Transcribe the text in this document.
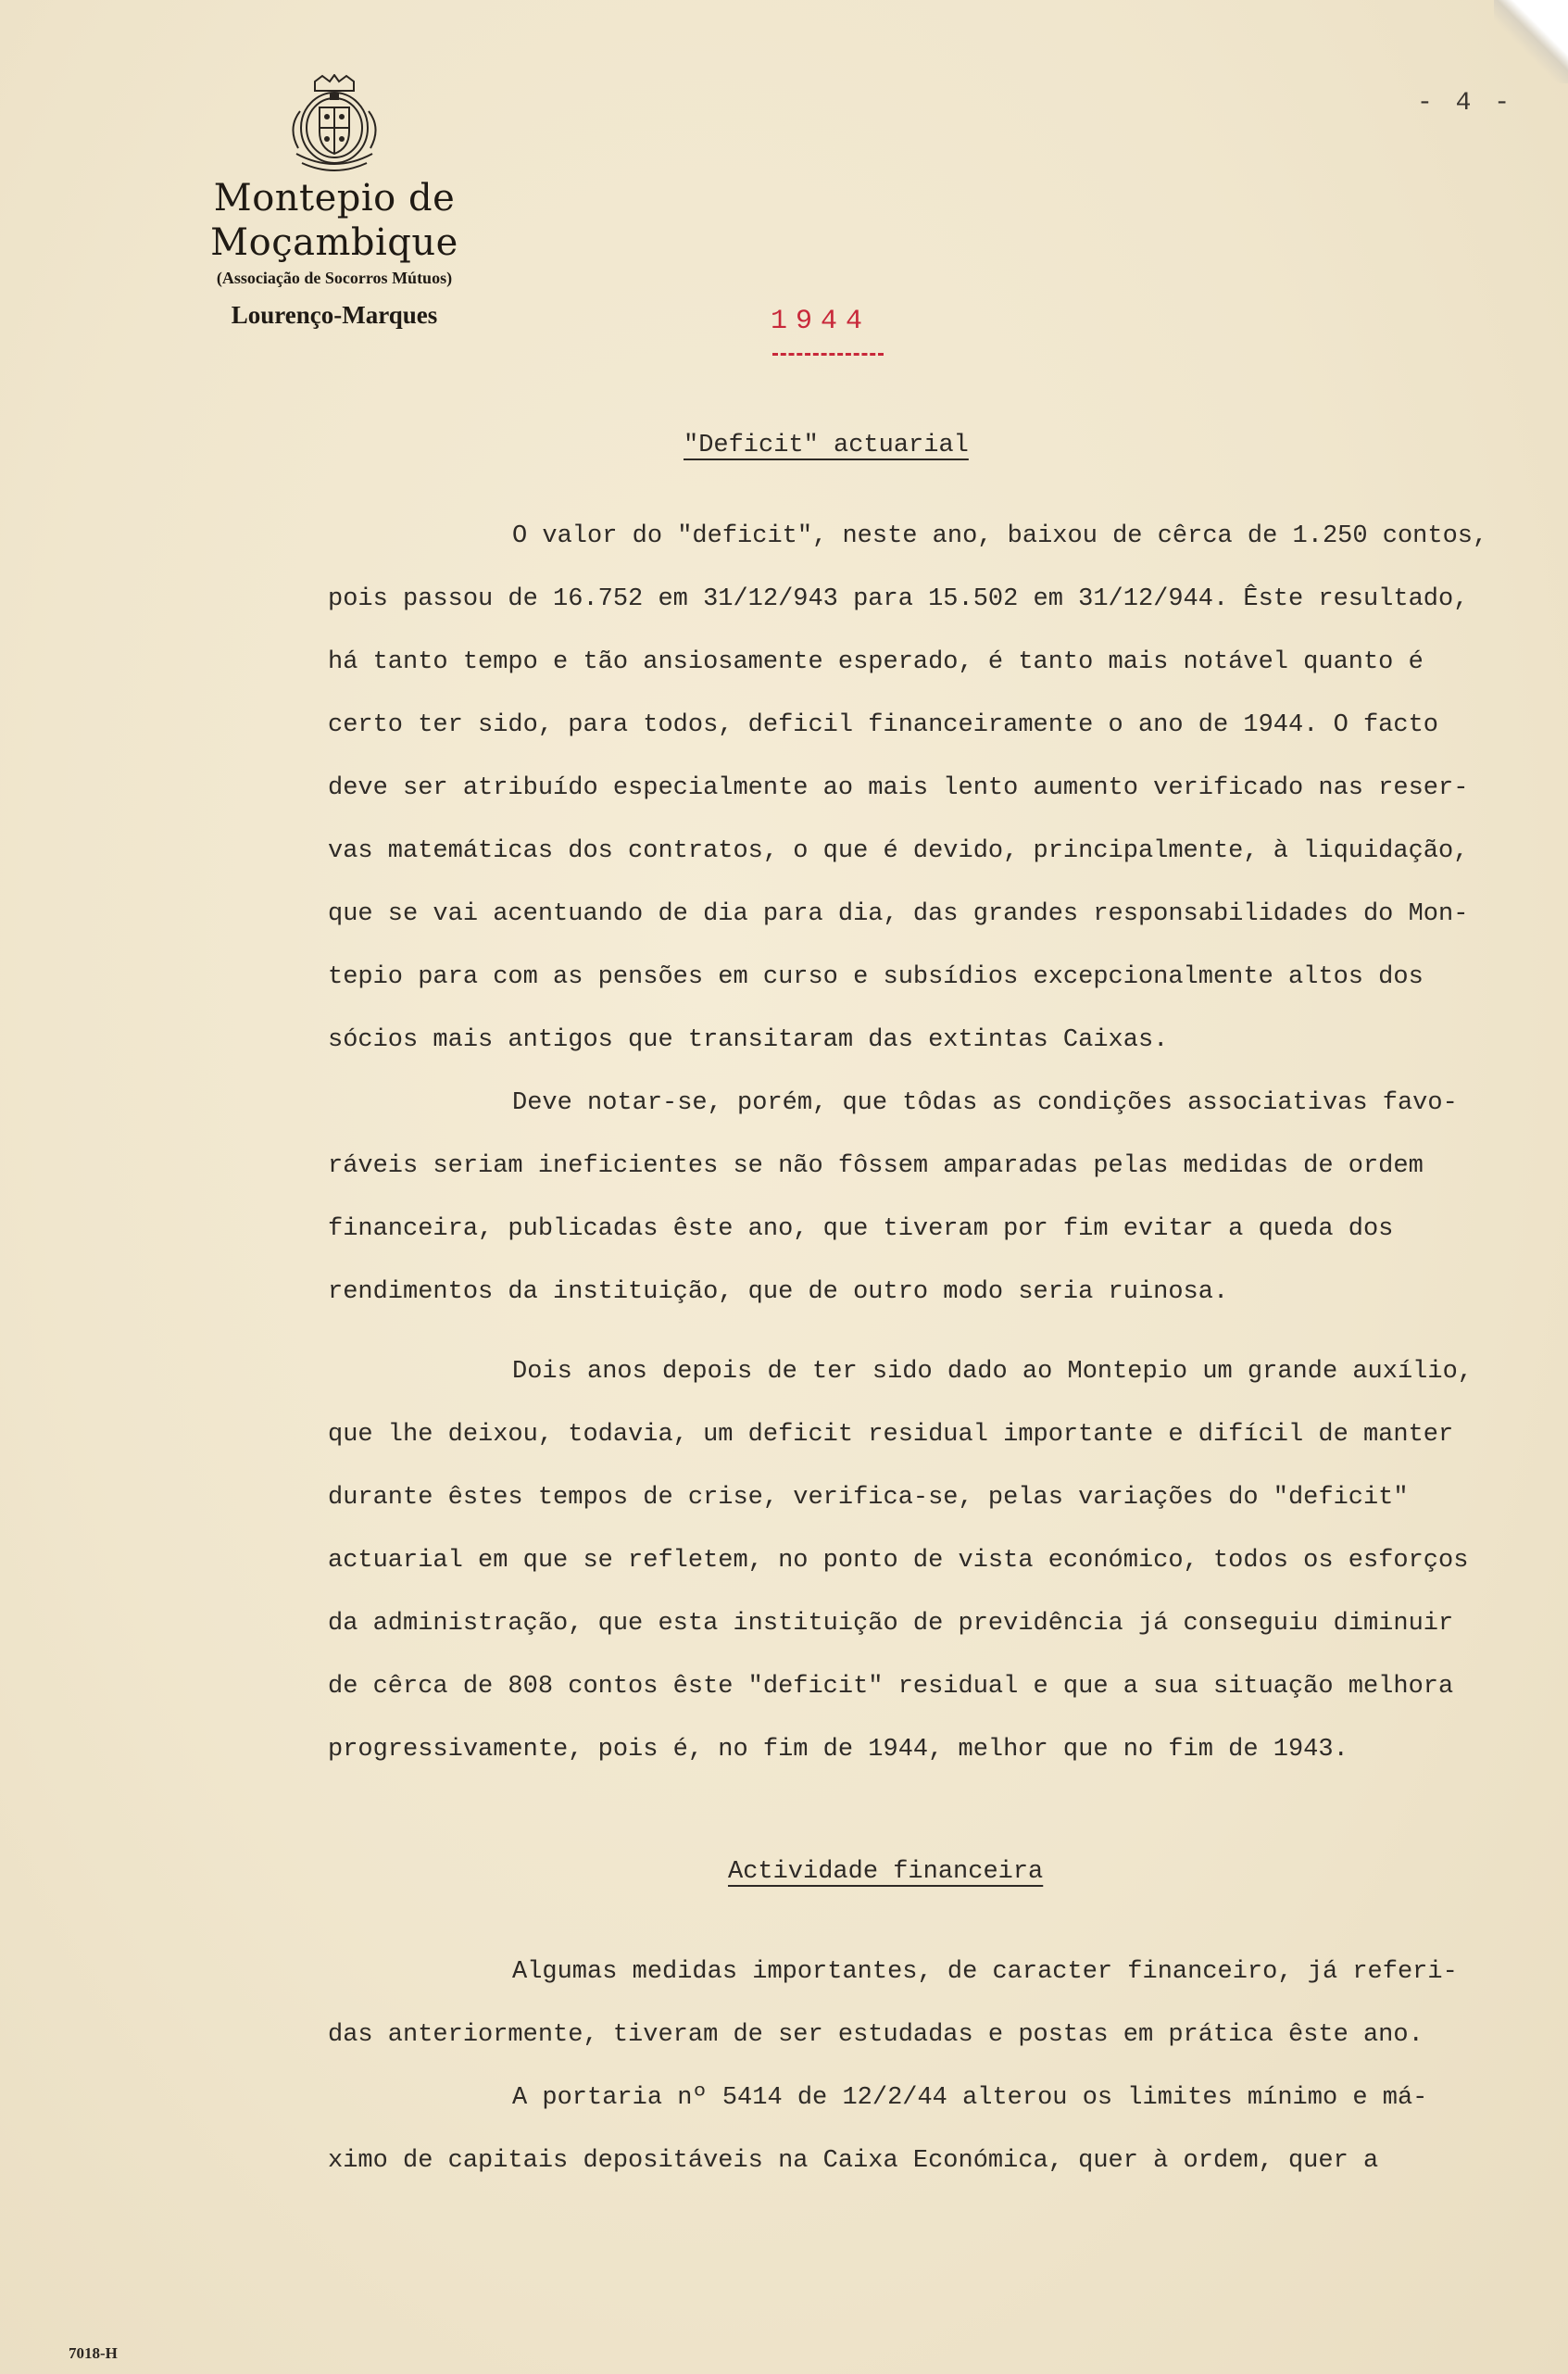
Montepio de Moçambique
(Associação de Socorros Mútuos)
Lourenço-Marques
- 4 -
1944
"Deficit" actuarial
O valor do "deficit", neste ano, baixou de cêrca de 1.250 contos,
pois passou de 16.752 em 31/12/943 para 15.502 em 31/12/944. Êste resultado,
há tanto tempo e tão ansiosamente esperado, é tanto mais notável quanto é
certo ter sido, para todos, deficil financeiramente o ano de 1944. O facto
deve ser atribuído especialmente ao mais lento aumento verificado nas reser-
vas matemáticas dos contratos, o que é devido, principalmente, à liquidação,
que se vai acentuando de dia para dia, das grandes responsabilidades do Mon-
tepio para com as pensões em curso e subsídios excepcionalmente altos dos
sócios mais antigos que transitaram das extintas Caixas.
Deve notar-se, porém, que tôdas as condições associativas favo-
ráveis seriam ineficientes se não fôssem amparadas pelas medidas de ordem
financeira, publicadas êste ano, que tiveram por fim evitar a queda dos
rendimentos da instituição, que de outro modo seria ruinosa.
Dois anos depois de ter sido dado ao Montepio um grande auxílio,
que lhe deixou, todavia, um deficit residual importante e difícil de manter
durante êstes tempos de crise, verifica-se, pelas variações do "deficit"
actuarial em que se refletem, no ponto de vista económico, todos os esforços
da administração, que esta instituição de previdência já conseguiu diminuir
de cêrca de 808 contos êste "deficit" residual e que a sua situação melhora
progressivamente, pois é, no fim de 1944, melhor que no fim de 1943.
Actividade financeira
Algumas medidas importantes, de caracter financeiro, já referi-
das anteriormente, tiveram de ser estudadas e postas em prática êste ano.
A portaria nº 5414 de 12/2/44 alterou os limites mínimo e má-
ximo de capitais depositáveis na Caixa Económica, quer à ordem, quer a
7018-H
